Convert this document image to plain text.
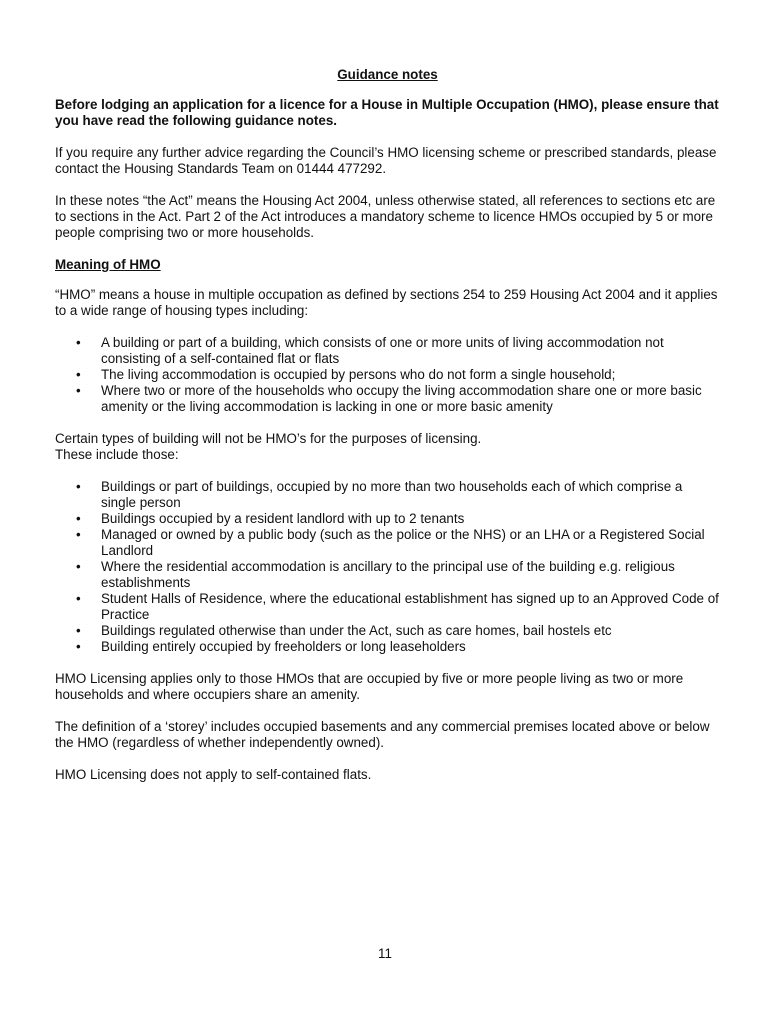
Guidance notes

Before lodging an application for a licence for a House in Multiple Occupation (HMO), please ensure that you have read the following guidance notes.

If you require any further advice regarding the Council’s HMO licensing scheme or prescribed standards, please contact the Housing Standards Team on 01444 477292.

In these notes “the Act” means the Housing Act 2004, unless otherwise stated, all references to sections etc are to sections in the Act. Part 2 of the Act introduces a mandatory scheme to licence HMOs occupied by 5 or more people comprising two or more households.

Meaning of HMO

“HMO” means a house in multiple occupation as defined by sections 254 to 259 Housing Act 2004 and it applies to a wide range of housing types including:

• A building or part of a building, which consists of one or more units of living accommodation not consisting of a self-contained flat or flats
• The living accommodation is occupied by persons who do not form a single household;
• Where two or more of the households who occupy the living accommodation share one or more basic amenity or the living accommodation is lacking in one or more basic amenity

Certain types of building will not be HMO’s for the purposes of licensing.
These include those:

• Buildings or part of buildings, occupied by no more than two households each of which comprise a single person
• Buildings occupied by a resident landlord with up to 2 tenants
• Managed or owned by a public body (such as the police or the NHS) or an LHA or a Registered Social Landlord
• Where the residential accommodation is ancillary to the principal use of the building e.g. religious establishments
• Student Halls of Residence, where the educational establishment has signed up to an Approved Code of Practice
• Buildings regulated otherwise than under the Act, such as care homes, bail hostels etc
• Building entirely occupied by freeholders or long leaseholders

HMO Licensing applies only to those HMOs that are occupied by five or more people living as two or more households and where occupiers share an amenity.

The definition of a ‘storey’ includes occupied basements and any commercial premises located above or below the HMO (regardless of whether independently owned).

HMO Licensing does not apply to self-contained flats.

11
